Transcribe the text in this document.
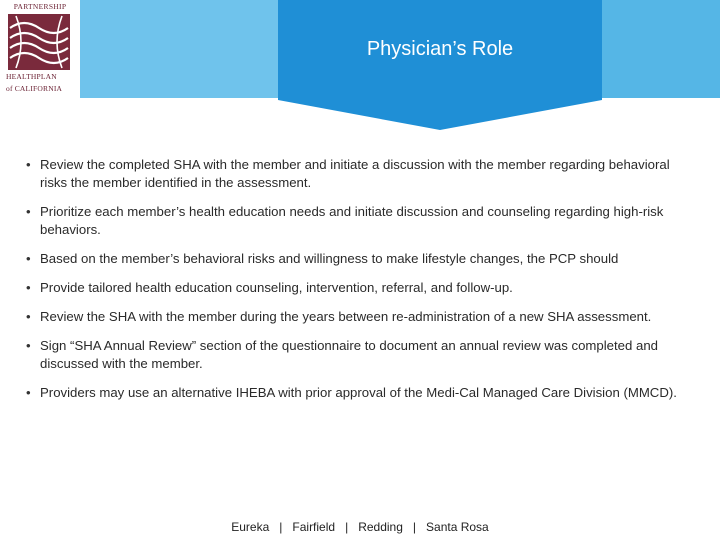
Physician’s Role
PARTNERSHIP
HEALTHPLAN
of CALIFORNIA
• Review the completed SHA with the member and initiate a discussion with the member regarding behavioral risks the member identified in the assessment.
• Prioritize each member’s health education needs and initiate discussion and counseling regarding high-risk behaviors.
• Based on the member’s behavioral risks and willingness to make lifestyle changes, the PCP should
• Provide tailored health education counseling, intervention, referral, and follow-up.
• Review the SHA with the member during the years between re-administration of a new SHA assessment.
• Sign “SHA Annual Review” section of the questionnaire to document an annual review was completed and discussed with the member.
• Providers may use an alternative IHEBA with prior approval of the Medi-Cal Managed Care Division (MMCD).
Eureka   |   Fairfield   |   Redding   |   Santa Rosa
